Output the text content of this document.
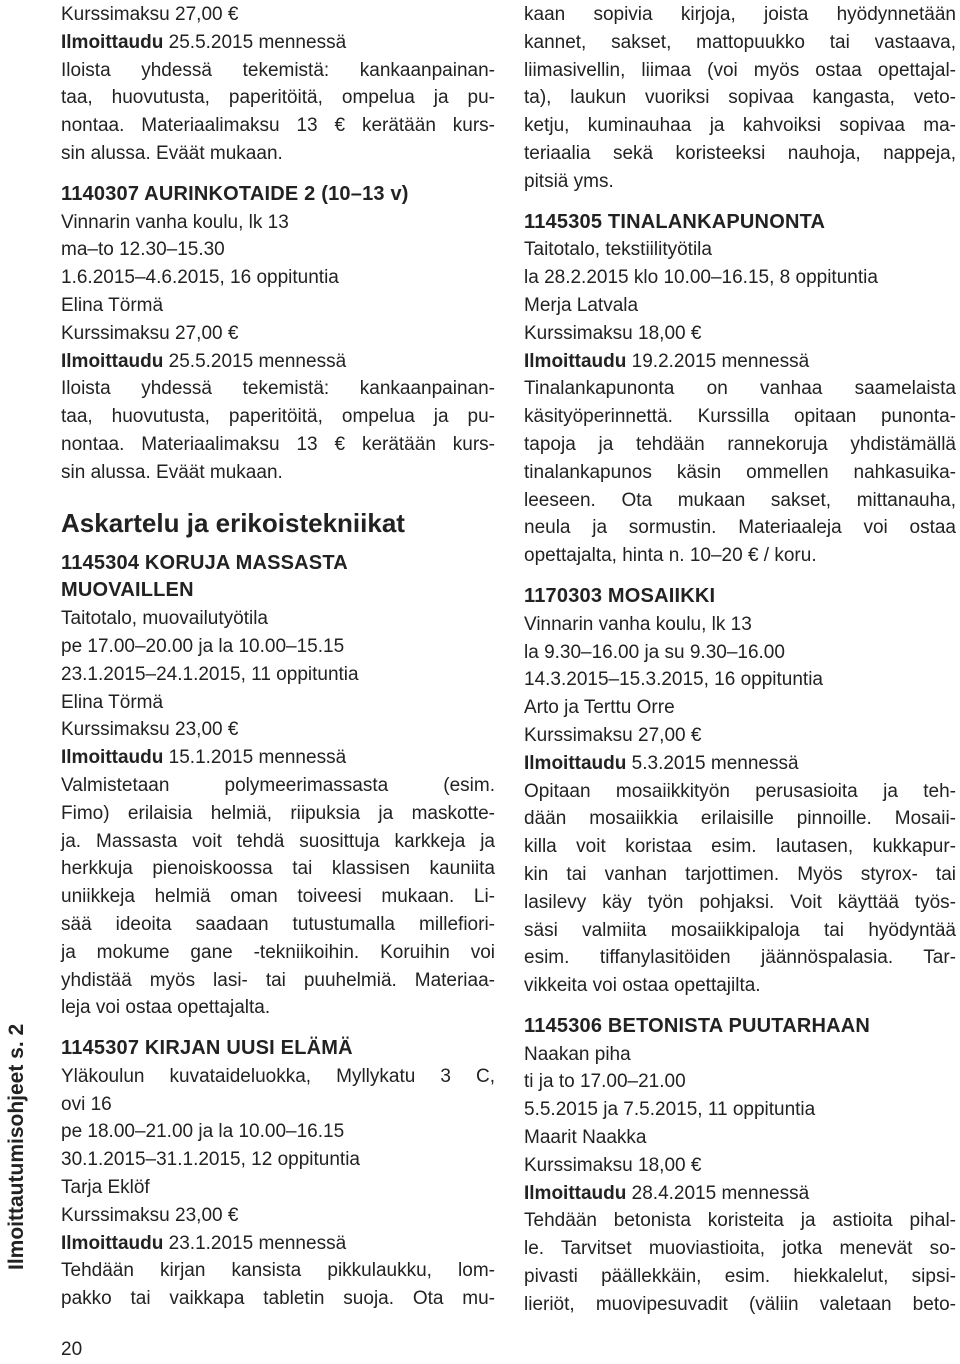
Ilmoittautumisohjeet s. 2
Kurssimaksu 27,00 €
Ilmoittaudu 25.5.2015 mennessä
Iloista yhdessä tekemistä: kankaanpainan-
taa, huovutusta, paperitöitä, ompelua ja pu-
nontaa. Materiaalimaksu 13 € kerätään kurs-
sin alussa. Eväät mukaan.
1140307 AURINKOTAIDE 2 (10–13 v)
Vinnarin vanha koulu, lk 13
ma–to 12.30–15.30
1.6.2015–4.6.2015, 16 oppituntia
Elina Törmä
Kurssimaksu 27,00 €
Ilmoittaudu 25.5.2015 mennessä
Iloista yhdessä tekemistä: kankaanpainan-
taa, huovutusta, paperitöitä, ompelua ja pu-
nontaa. Materiaalimaksu 13 € kerätään kurs-
sin alussa. Eväät mukaan.
Askartelu ja erikoistekniikat
1145304 KORUJA MASSASTA
MUOVAILLEN
Taitotalo, muovailutyötila
pe 17.00–20.00 ja la 10.00–15.15
23.1.2015–24.1.2015, 11 oppituntia
Elina Törmä
Kurssimaksu 23,00 €
Ilmoittaudu 15.1.2015 mennessä
Valmistetaan polymeerimassasta (esim.
Fimo) erilaisia helmiä, riipuksia ja maskotte-
ja. Massasta voit tehdä suosittuja karkkeja ja
herkkuja pienoiskoossa tai klassisen kauniita
uniikkeja helmiä oman toiveesi mukaan. Li-
sää ideoita saadaan tutustumalla millefiori-
ja mokume gane -tekniikoihin. Koruihin voi
yhdistää myös lasi- tai puuhelmiä. Materiaa-
leja voi ostaa opettajalta.
1145307 KIRJAN UUSI ELÄMÄ
Yläkoulun kuvataideluokka, Myllykatu 3 C,
ovi 16
pe 18.00–21.00 ja la 10.00–16.15
30.1.2015–31.1.2015, 12 oppituntia
Tarja Eklöf
Kurssimaksu 23,00 €
Ilmoittaudu 23.1.2015 mennessä
Tehdään kirjan kansista pikkulaukku, lom-
pakko tai vaikkapa tabletin suoja. Ota mu-
kaan sopivia kirjoja, joista hyödynnetään
kannet, sakset, mattopuukko tai vastaava,
liimasivellin, liimaa (voi myös ostaa opettajal-
ta), laukun vuoriksi sopivaa kangasta, veto-
ketju, kuminauhaa ja kahvoiksi sopivaa ma-
teriaalia sekä koristeeksi nauhoja, nappeja,
pitsiä yms.
1145305 TINALANKAPUNONTA
Taitotalo, tekstiilityötila
la 28.2.2015 klo 10.00–16.15, 8 oppituntia
Merja Latvala
Kurssimaksu 18,00 €
Ilmoittaudu 19.2.2015 mennessä
Tinalankapunonta on vanhaa saamelaista
käsityöperinnettä. Kurssilla opitaan punonta-
tapoja ja tehdään rannekoruja yhdistämällä
tinalankapunos käsin ommellen nahkasuika-
leeseen. Ota mukaan sakset, mittanauha,
neula ja sormustin. Materiaaleja voi ostaa
opettajalta, hinta n. 10–20 € / koru.
1170303 MOSAIIKKI
Vinnarin vanha koulu, lk 13
la 9.30–16.00 ja su 9.30–16.00
14.3.2015–15.3.2015, 16 oppituntia
Arto ja Terttu Orre
Kurssimaksu 27,00 €
Ilmoittaudu 5.3.2015 mennessä
Opitaan mosaiikkityön perusasioita ja teh-
dään mosaiikkia erilaisille pinnoille. Mosaii-
killa voit koristaa esim. lautasen, kukkapur-
kin tai vanhan tarjottimen. Myös styrox- tai
lasilevy käy työn pohjaksi. Voit käyttää työs-
säsi valmiita mosaiikkipaloja tai hyödyntää
esim. tiffanylasitöiden jäännöspalasia. Tar-
vikkeita voi ostaa opettajilta.
1145306 BETONISTA PUUTARHAAN
Naakan piha
ti ja to 17.00–21.00
5.5.2015 ja 7.5.2015, 11 oppituntia
Maarit Naakka
Kurssimaksu 18,00 €
Ilmoittaudu 28.4.2015 mennessä
Tehdään betonista koristeita ja astioita pihal-
le. Tarvitset muoviastioita, jotka menevät so-
pivasti päällekkäin, esim. hiekkalelut, sipsi-
lieriöt, muovipesuvadit (väliin valetaan beto-
20
